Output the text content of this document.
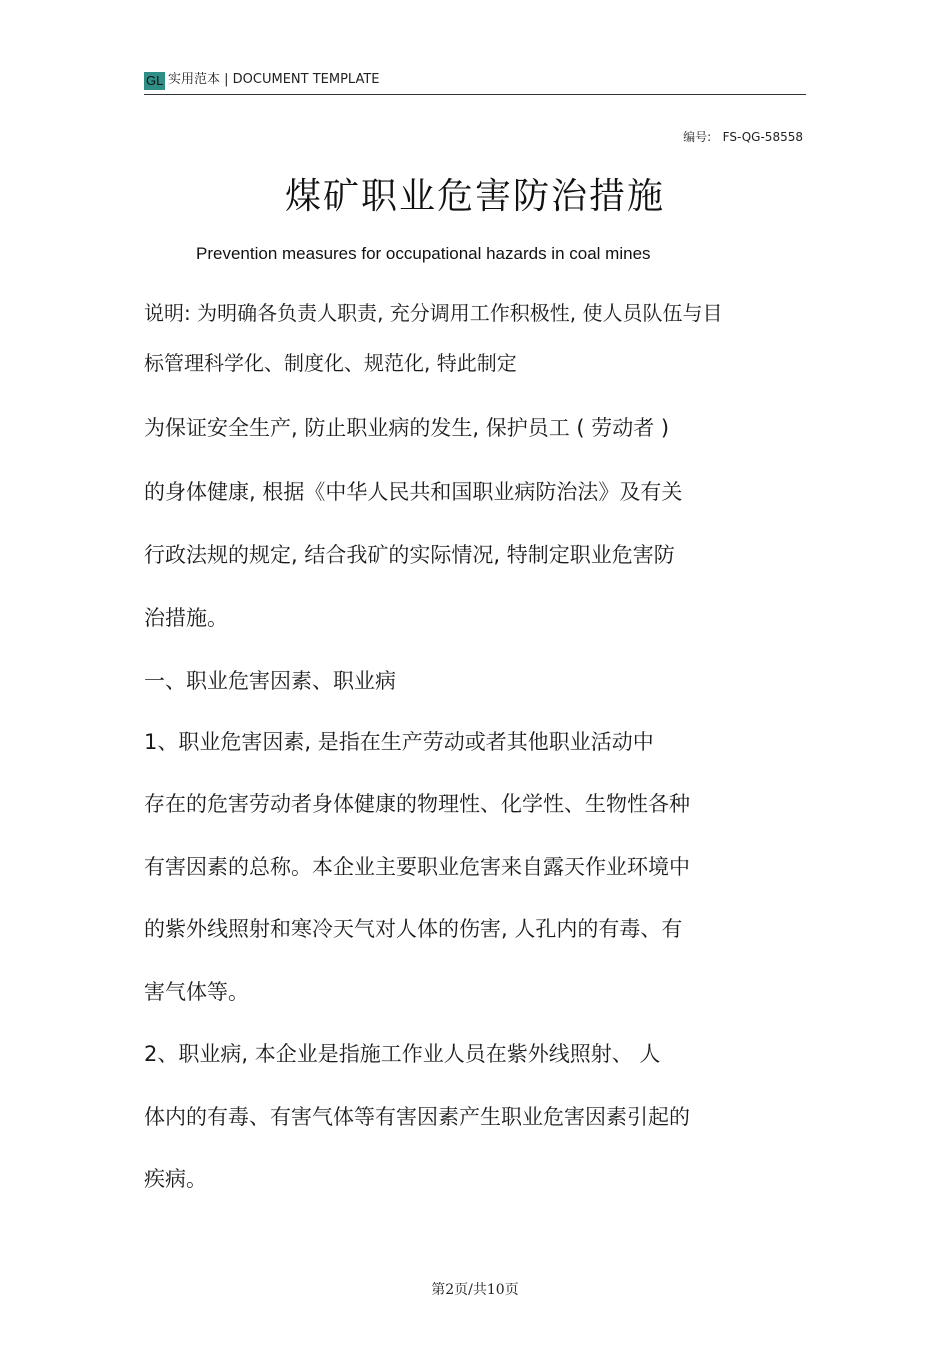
GL 实用范本 | DOCUMENT TEMPLATE
编号:   FS-QG-58558
煤矿职业危害防治措施
Prevention measures for occupational hazards in coal mines
说明: 为明确各负责人职责, 充分调用工作积极性, 使人员队伍与目
标管理科学化、制度化、规范化, 特此制定
为保证安全生产, 防止职业病的发生, 保护员工 ( 劳动者 )
的身体健康, 根据《中华人民共和国职业病防治法》及有关
行政法规的规定, 结合我矿的实际情况, 特制定职业危害防
治措施。
一、职业危害因素、职业病
1、职业危害因素, 是指在生产劳动或者其他职业活动中
存在的危害劳动者身体健康的物理性、化学性、生物性各种
有害因素的总称。本企业主要职业危害来自露天作业环境中
的紫外线照射和寒冷天气对人体的伤害, 人孔内的有毒、有
害气体等。
2、职业病, 本企业是指施工作业人员在紫外线照射、 人
体内的有毒、有害气体等有害因素产生职业危害因素引起的
疾病。
第2页/共10页
